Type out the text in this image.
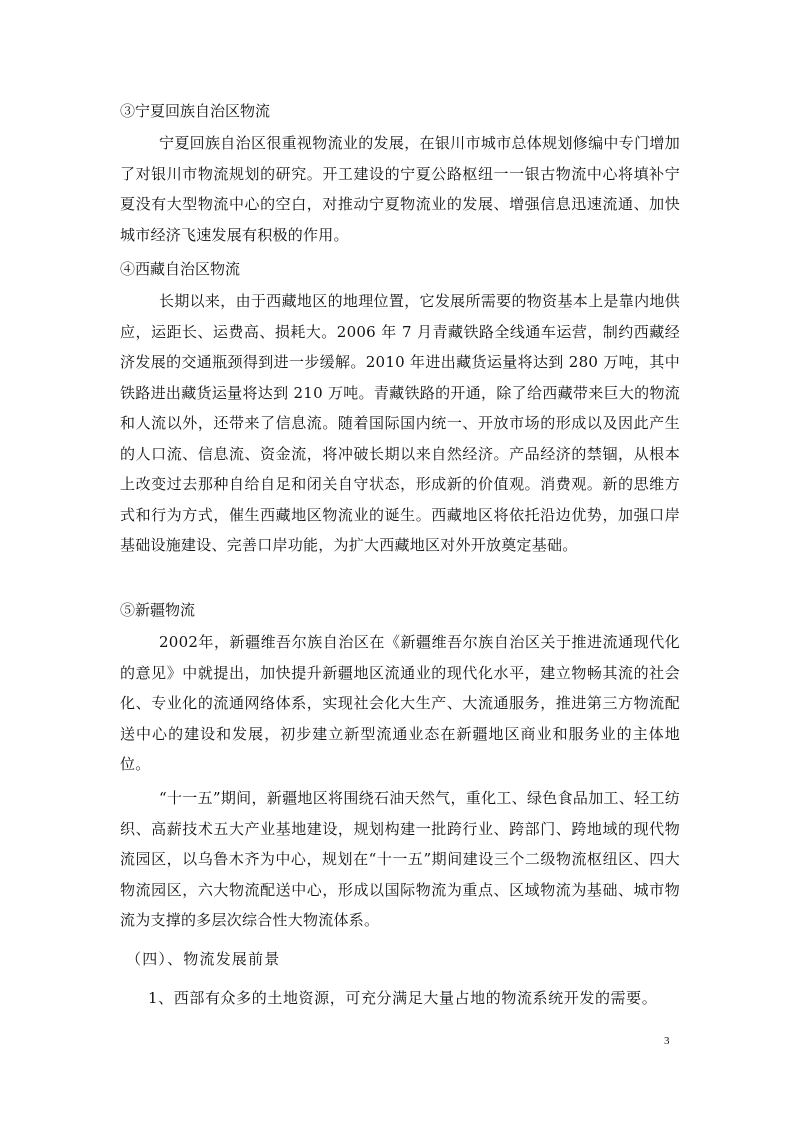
③宁夏回族自治区物流
宁夏回族自治区很重视物流业的发展，在银川市城市总体规划修编中专门增加了对银川市物流规划的研究。开工建设的宁夏公路枢纽一一银古物流中心将填补宁夏没有大型物流中心的空白，对推动宁夏物流业的发展、增强信息迅速流通、加快城市经济飞速发展有积极的作用。
④西藏自治区物流
长期以来，由于西藏地区的地理位置，它发展所需要的物资基本上是靠内地供应，运距长、运费高、损耗大。2006 年 7 月青藏铁路全线通车运营，制约西藏经济发展的交通瓶颈得到进一步缓解。2010 年进出藏货运量将达到 280 万吨，其中铁路进出藏货运量将达到 210 万吨。青藏铁路的开通，除了给西藏带来巨大的物流和人流以外，还带来了信息流。随着国际国内统一、开放市场的形成以及因此产生的人口流、信息流、资金流，将冲破长期以来自然经济。产品经济的禁锢，从根本上改变过去那种自给自足和闭关自守状态，形成新的价值观。消费观。新的思维方式和行为方式，催生西藏地区物流业的诞生。西藏地区将依托沿边优势，加强口岸基础设施建设、完善口岸功能，为扩大西藏地区对外开放奠定基础。
⑤新疆物流
2002年，新疆维吾尔族自治区在《新疆维吾尔族自治区关于推进流通现代化的意见》中就提出，加快提升新疆地区流通业的现代化水平，建立物畅其流的社会化、专业化的流通网络体系，实现社会化大生产、大流通服务，推进第三方物流配送中心的建设和发展，初步建立新型流通业态在新疆地区商业和服务业的主体地位。
“十一五”期间，新疆地区将围绕石油天然气，重化工、绿色食品加工、轻工纺织、高薪技术五大产业基地建设，规划构建一批跨行业、跨部门、跨地域的现代物流园区，以乌鲁木齐为中心，规划在“十一五”期间建设三个二级物流枢纽区、四大物流园区，六大物流配送中心，形成以国际物流为重点、区域物流为基础、城市物流为支撑的多层次综合性大物流体系。
（四）、物流发展前景
1、西部有众多的土地资源，可充分满足大量占地的物流系统开发的需要。
3
